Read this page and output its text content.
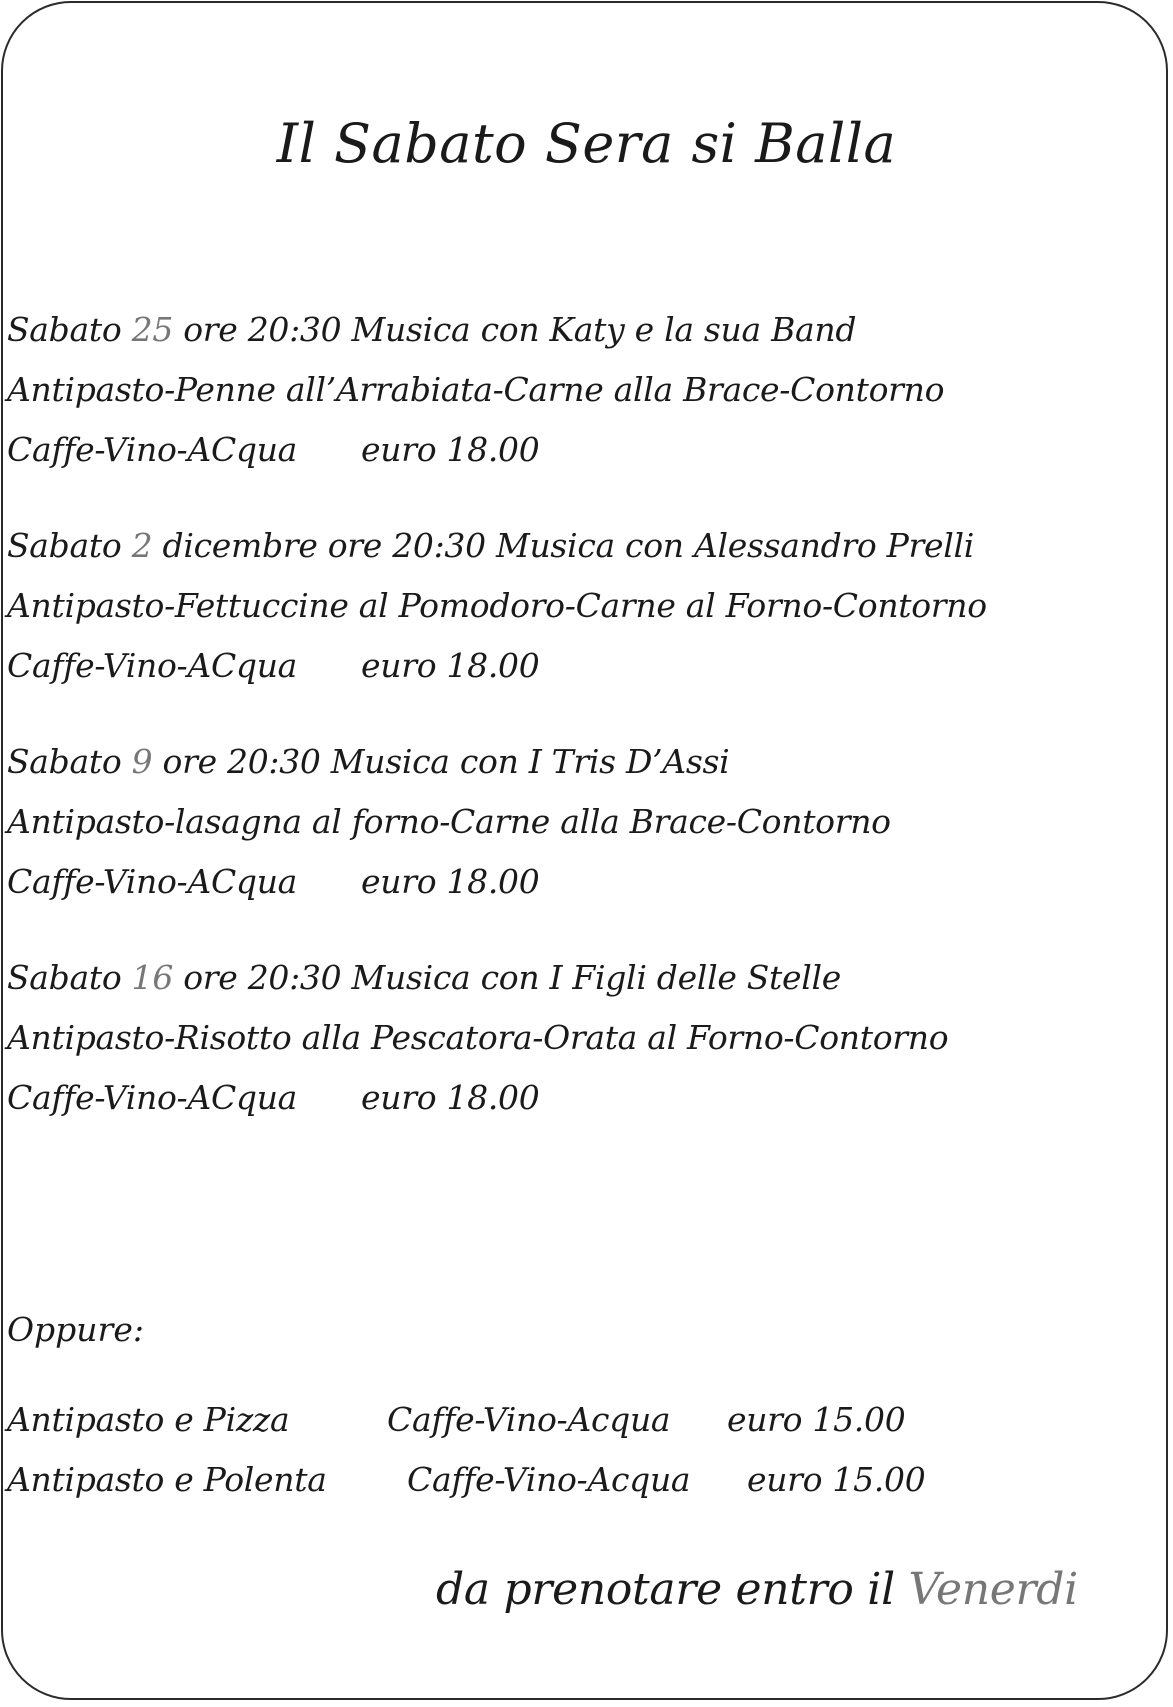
Il Sabato Sera si Balla
Sabato 25 ore 20:30 Musica con Katy e la sua Band
Antipasto-Penne all’Arrabiata-Carne alla Brace-Contorno
Caffe-Vino-ACqua euro 18.00
Sabato 2 dicembre ore 20:30 Musica con Alessandro Prelli
Antipasto-Fettuccine al Pomodoro-Carne al Forno-Contorno
Caffe-Vino-ACqua euro 18.00
Sabato 9 ore 20:30 Musica con I Tris D’Assi
Antipasto-lasagna al forno-Carne alla Brace-Contorno
Caffe-Vino-ACqua euro 18.00
Sabato 16 ore 20:30 Musica con I Figli delle Stelle
Antipasto-Risotto alla Pescatora-Orata al Forno-Contorno
Caffe-Vino-ACqua euro 18.00
Oppure:
Antipasto e Pizza	Caffe-Vino-Acqua euro 15.00
Antipasto e Polenta Caffe-Vino-Acqua euro 15.00
da prenotare entro il Venerdi
